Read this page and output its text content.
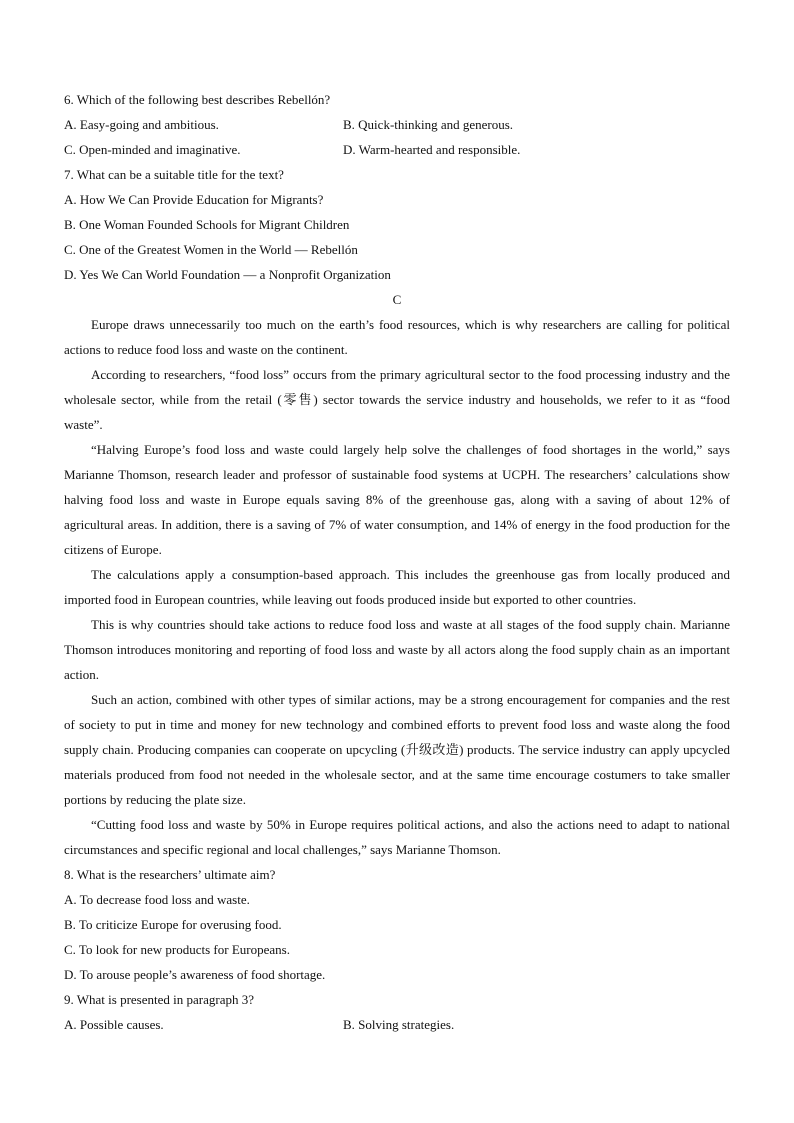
6. Which of the following best describes Rebellón?
A. Easy-going and ambitious.	B. Quick-thinking and generous.
C. Open-minded and imaginative.	D. Warm-hearted and responsible.
7. What can be a suitable title for the text?
A. How We Can Provide Education for Migrants?
B. One Woman Founded Schools for Migrant Children
C. One of the Greatest Women in the World — Rebellón
D. Yes We Can World Foundation — a Nonprofit Organization
C

Europe draws unnecessarily too much on the earth’s food resources, which is why researchers are calling for political actions to reduce food loss and waste on the continent.

According to researchers, “food loss” occurs from the primary agricultural sector to the food processing industry and the wholesale sector, while from the retail (零售) sector towards the service industry and households, we refer to it as “food waste”.

“Halving Europe’s food loss and waste could largely help solve the challenges of food shortages in the world,” says Marianne Thomson, research leader and professor of sustainable food systems at UCPH. The researchers’ calculations show halving food loss and waste in Europe equals saving 8% of the greenhouse gas, along with a saving of about 12% of agricultural areas. In addition, there is a saving of 7% of water consumption, and 14% of energy in the food production for the citizens of Europe.

The calculations apply a consumption-based approach. This includes the greenhouse gas from locally produced and imported food in European countries, while leaving out foods produced inside but exported to other countries.

This is why countries should take actions to reduce food loss and waste at all stages of the food supply chain. Marianne Thomson introduces monitoring and reporting of food loss and waste by all actors along the food supply chain as an important action.

Such an action, combined with other types of similar actions, may be a strong encouragement for companies and the rest of society to put in time and money for new technology and combined efforts to prevent food loss and waste along the food supply chain. Producing companies can cooperate on upcycling (升级改造) products. The service industry can apply upcycled materials produced from food not needed in the wholesale sector, and at the same time encourage costumers to take smaller portions by reducing the plate size.

“Cutting food loss and waste by 50% in Europe requires political actions, and also the actions need to adapt to national circumstances and specific regional and local challenges,” says Marianne Thomson.

8. What is the researchers’ ultimate aim?
A. To decrease food loss and waste.
B. To criticize Europe for overusing food.
C. To look for new products for Europeans.
D. To arouse people’s awareness of food shortage.
9. What is presented in paragraph 3?
A. Possible causes.	B. Solving strategies.
